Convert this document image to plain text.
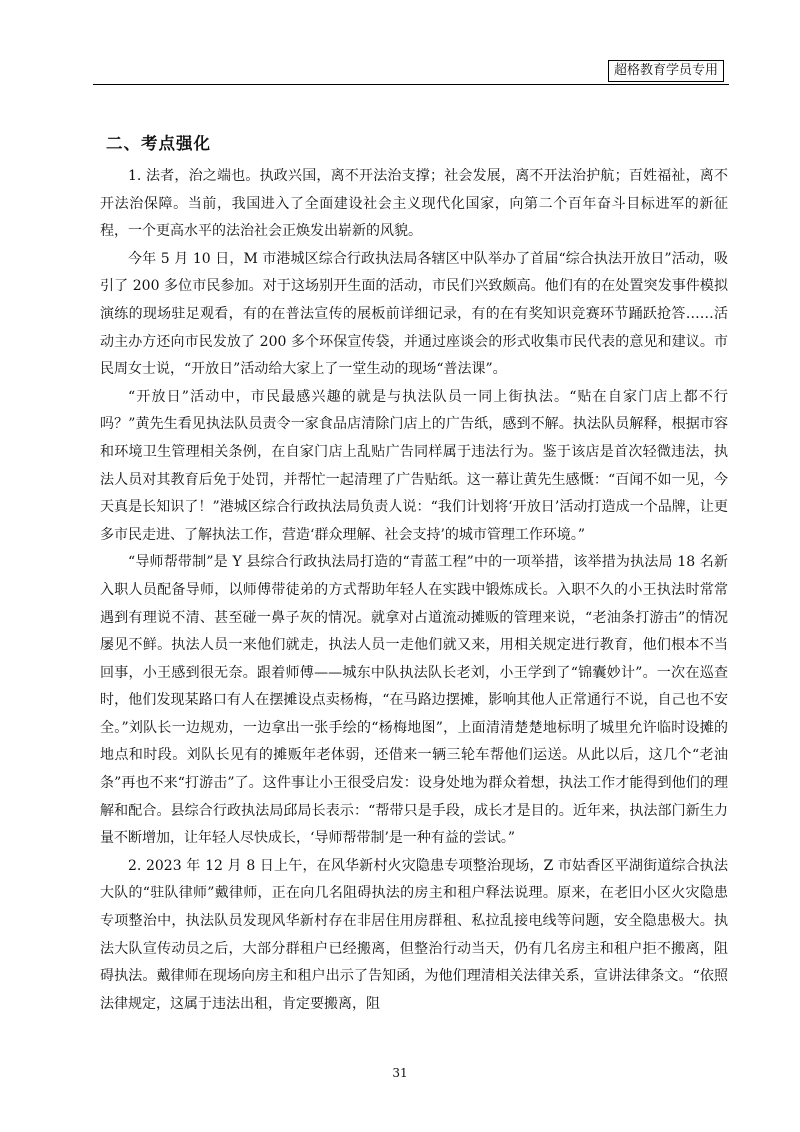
超格教育学员专用
二、考点强化

1. 法者，治之端也。执政兴国，离不开法治支撑；社会发展，离不开法治护航；百姓福祉，离不开法治保障。当前，我国进入了全面建设社会主义现代化国家，向第二个百年奋斗目标进军的新征程，一个更高水平的法治社会正焕发出崭新的风貌。

今年 5 月 10 日，M 市港城区综合行政执法局各辖区中队举办了首届“综合执法开放日”活动，吸引了 200 多位市民参加。对于这场别开生面的活动，市民们兴致颇高。他们有的在处置突发事件模拟演练的现场驻足观看，有的在普法宣传的展板前详细记录，有的在有奖知识竞赛环节踊跃抢答……活动主办方还向市民发放了 200 多个环保宣传袋，并通过座谈会的形式收集市民代表的意见和建议。市民周女士说，“开放日”活动给大家上了一堂生动的现场“普法课”。

“开放日”活动中，市民最感兴趣的就是与执法队员一同上街执法。“贴在自家门店上都不行吗？”黄先生看见执法队员责令一家食品店清除门店上的广告纸，感到不解。执法队员解释，根据市容和环境卫生管理相关条例，在自家门店上乱贴广告同样属于违法行为。鉴于该店是首次轻微违法，执法人员对其教育后免于处罚，并帮忙一起清理了广告贴纸。这一幕让黄先生感慨：“百闻不如一见，今天真是长知识了！”港城区综合行政执法局负责人说：“我们计划将‘开放日’活动打造成一个品牌，让更多市民走进、了解执法工作，营造‘群众理解、社会支持’的城市管理工作环境。”

“导师帮带制”是 Y 县综合行政执法局打造的“青蓝工程”中的一项举措，该举措为执法局 18 名新入职人员配备导师，以师傅带徒弟的方式帮助年轻人在实践中锻炼成长。入职不久的小王执法时常常遇到有理说不清、甚至碰一鼻子灰的情况。就拿对占道流动摊贩的管理来说，“老油条打游击”的情况屡见不鲜。执法人员一来他们就走，执法人员一走他们就又来，用相关规定进行教育，他们根本不当回事，小王感到很无奈。跟着师傅——城东中队执法队长老刘，小王学到了“锦囊妙计”。一次在巡查时，他们发现某路口有人在摆摊设点卖杨梅，“在马路边摆摊，影响其他人正常通行不说，自己也不安全。”刘队长一边规劝，一边拿出一张手绘的“杨梅地图”，上面清清楚楚地标明了城里允许临时设摊的地点和时段。刘队长见有的摊贩年老体弱，还借来一辆三轮车帮他们运送。从此以后，这几个“老油条”再也不来“打游击”了。这件事让小王很受启发：设身处地为群众着想，执法工作才能得到他们的理解和配合。县综合行政执法局邱局长表示：“帮带只是手段，成长才是目的。近年来，执法部门新生力量不断增加，让年轻人尽快成长，‘导师帮带制’是一种有益的尝试。”

2. 2023 年 12 月 8 日上午，在风华新村火灾隐患专项整治现场，Z 市姑香区平湖街道综合执法大队的“驻队律师”戴律师，正在向几名阻碍执法的房主和租户释法说理。原来，在老旧小区火灾隐患专项整治中，执法队员发现风华新村存在非居住用房群租、私拉乱接电线等问题，安全隐患极大。执法大队宣传动员之后，大部分群租户已经搬离，但整治行动当天，仍有几名房主和租户拒不搬离，阻碍执法。戴律师在现场向房主和租户出示了告知函，为他们理清相关法律关系，宣讲法律条文。“依照法律规定，这属于违法出租，肯定要搬离，阻

31
